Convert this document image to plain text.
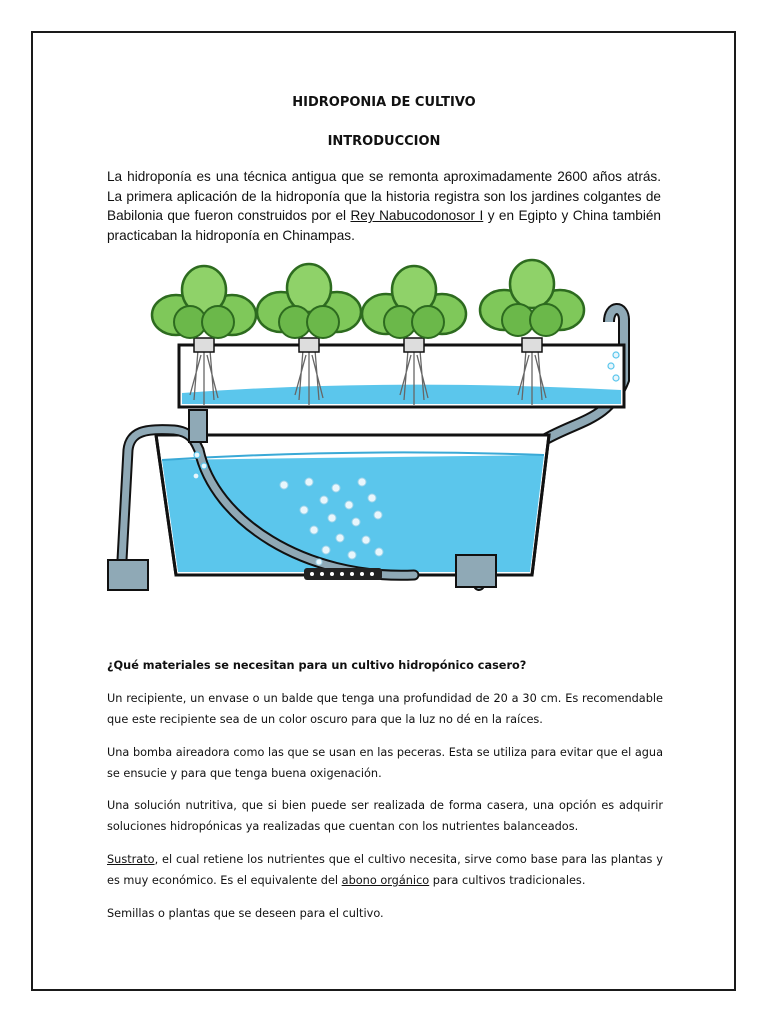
HIDROPONIA DE CULTIVO
INTRODUCCION
La hidroponía es una técnica antigua que se remonta aproximadamente 2600 años atrás. La primera aplicación de la hidroponía que la historia registra son los jardines colgantes de Babilonia que fueron construidos por el Rey Nabucodonosor I y en Egipto y China también practicaban la hidroponía en Chinampas.
¿Qué materiales se necesitan para un cultivo hidropónico casero?
Un recipiente, un envase o un balde que tenga una profundidad de 20 a 30 cm. Es recomendable que este recipiente sea de un color oscuro para que la luz no dé en la raíces.
Una bomba aireadora como las que se usan en las peceras. Esta se utiliza para evitar que el agua se ensucie y para que tenga buena oxigenación.
Una solución nutritiva, que si bien puede ser realizada de forma casera, una opción es adquirir soluciones hidropónicas ya realizadas que cuentan con los nutrientes balanceados.
Sustrato, el cual retiene los nutrientes que el cultivo necesita, sirve como base para las plantas y es muy económico. Es el equivalente del abono orgánico para cultivos tradicionales.
Semillas o plantas que se deseen para el cultivo.
